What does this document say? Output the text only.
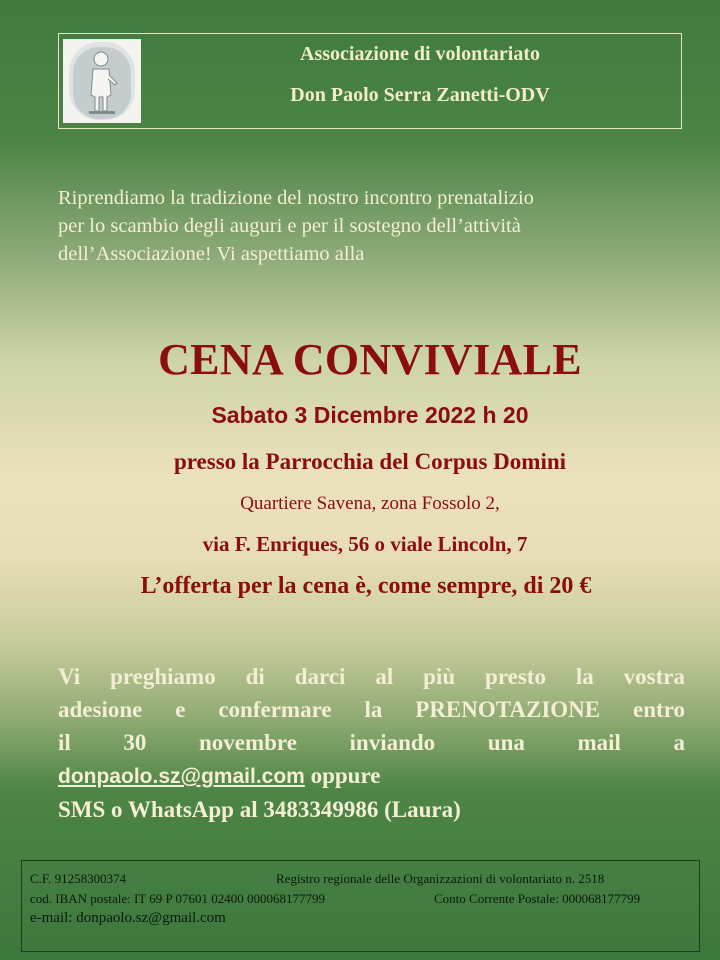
Associazione di volontariato
Don Paolo Serra Zanetti-ODV

Riprendiamo la tradizione del nostro incontro prenatalizio

per lo scambio degli auguri e per il sostegno dell’attività

dell’Associazione! Vi aspettiamo alla

CENA CONVIVIALE
Sabato 3 Dicembre 2022 h 20
presso la Parrocchia del Corpus Domini
Quartiere Savena, zona Fossolo 2,
via F. Enriques, 56 o viale Lincoln, 7
L’offerta per la cena è, come sempre, di 20 €
Vi preghiamo di darci al più presto la vostra
adesione e confermare la PRENOTAZIONE entro
il 30 novembre inviando una mail a
donpaolo.sz@gmail.com oppure
SMS o WhatsApp al 3483349986 (Laura)
C.F. 91258300374	Registro regionale delle Organizzazioni di volontariato n. 2518
cod. IBAN postale: IT 69 P 07601 02400 000068177799	Conto Corrente Postale: 000068177799
e-mail: donpaolo.sz@gmail.com
